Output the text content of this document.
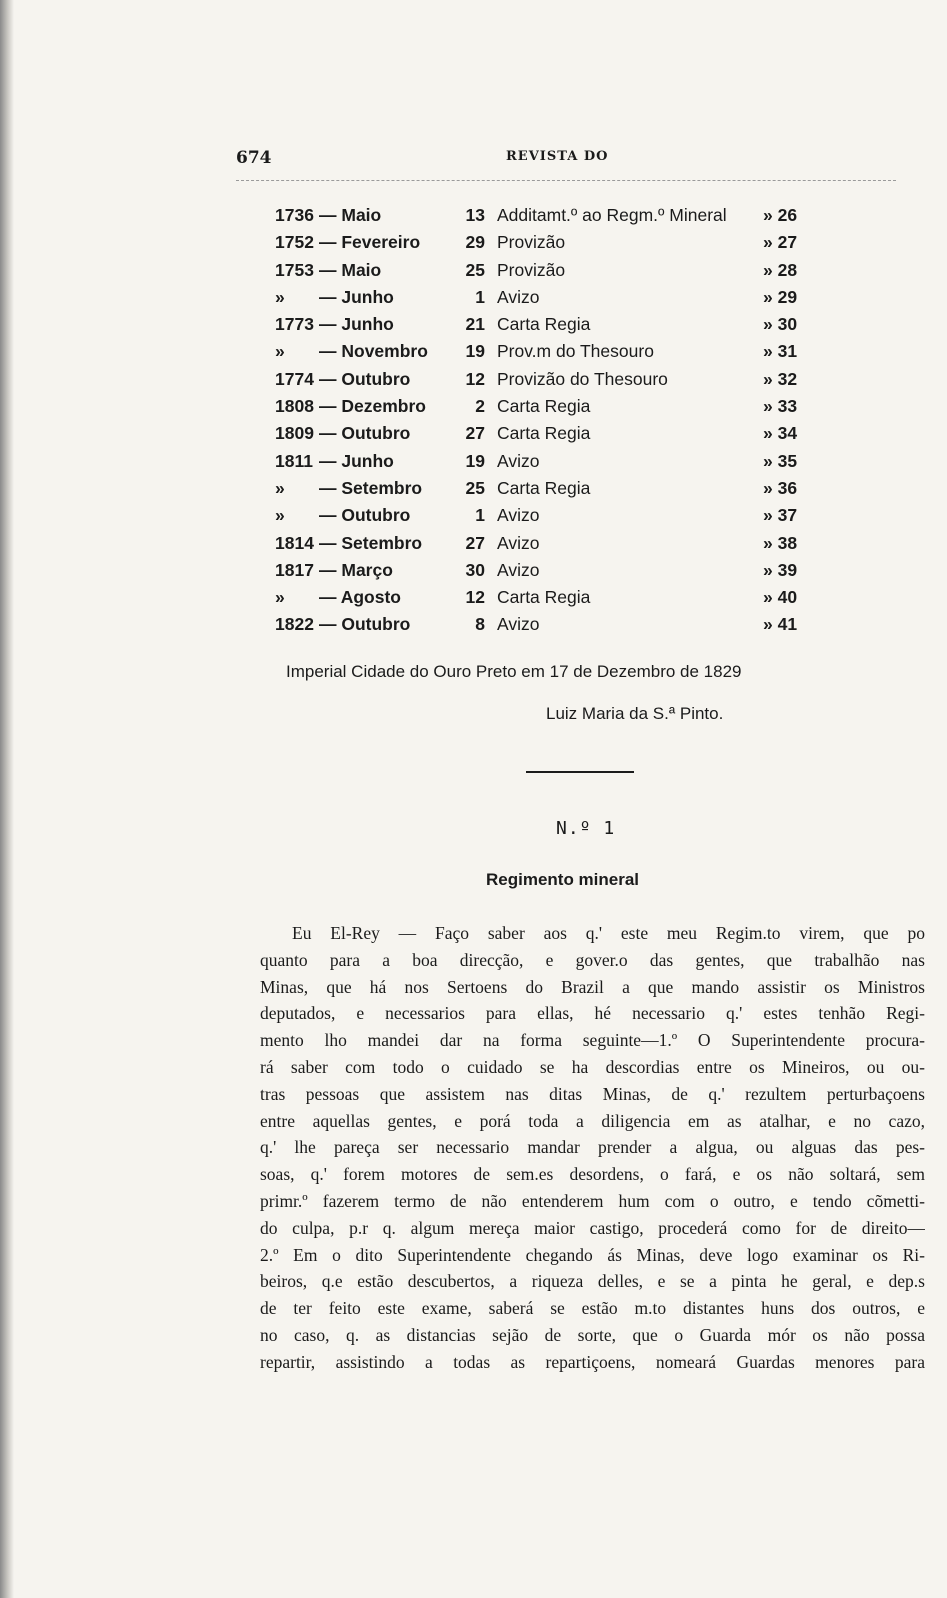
674	REVISTA DO
1736 — Maio	13 Additamt.º ao Regm.º Mineral » 26
1752 — Fevereiro	29 Provizão	» 27
1753 — Maio	25 Provizão	» 28
»	— Junho	1 Avizo	» 29
1773 — Junho	21 Carta Regia	» 30
»	— Novembro	19 Prov.m do Thesouro	» 31
1774 — Outubro	12 Provizão do Thesouro	» 32
1808 — Dezembro	2 Carta Regia	» 33
1809 — Outubro	27 Carta Regia	» 34
1811 — Junho	19 Avizo	» 35
»	— Setembro	25 Carta Regia	» 36
»	— Outubro	1 Avizo	» 37
1814 — Setembro	27 Avizo	» 38
1817 — Março	30 Avizo	» 39
»	— Agosto	12 Carta Regia	» 40
1822 — Outubro	8 Avizo	» 41
Imperial Cidade do Ouro Preto em 17 de Dezembro de 1829
Luiz Maria da S.ª Pinto.
N.º 1
Regimento mineral
Eu El-Rey — Faço saber aos q.' este meu Regim.to virem, que po
quanto para a boa direcção, e gover.o das gentes, que trabalhão nas
Minas, que há nos Sertoens do Brazil a que mando assistir os Ministros
deputados, e necessarios para ellas, hé necessario q.' estes tenhão Regi-
mento lho mandei dar na forma seguinte—1.º O Superintendente procura-
rá saber com todo o cuidado se ha descordias entre os Mineiros, ou ou-
tras pessoas que assistem nas ditas Minas, de q.' rezultem perturbaçoens
entre aquellas gentes, e porá toda a diligencia em as atalhar, e no cazo,
q.' lhe pareça ser necessario mandar prender a algua, ou alguas das pes-
soas, q.' forem motores de sem.es desordens, o fará, e os não soltará, sem
primr.º fazerem termo de não entenderem hum com o outro, e tendo cõmetti-
do culpa, p.r q. algum mereça maior castigo, procederá como for de direito—
2.º Em o dito Superintendente chegando ás Minas, deve logo examinar os Ri-
beiros, q.e estão descubertos, a riqueza delles, e se a pinta he geral, e dep.s
de ter feito este exame, saberá se estão m.to distantes huns dos outros, e
no caso, q. as distancias sejão de sorte, que o Guarda mór os não possa
repartir, assistindo a todas as repartiçoens, nomeará Guardas menores para
